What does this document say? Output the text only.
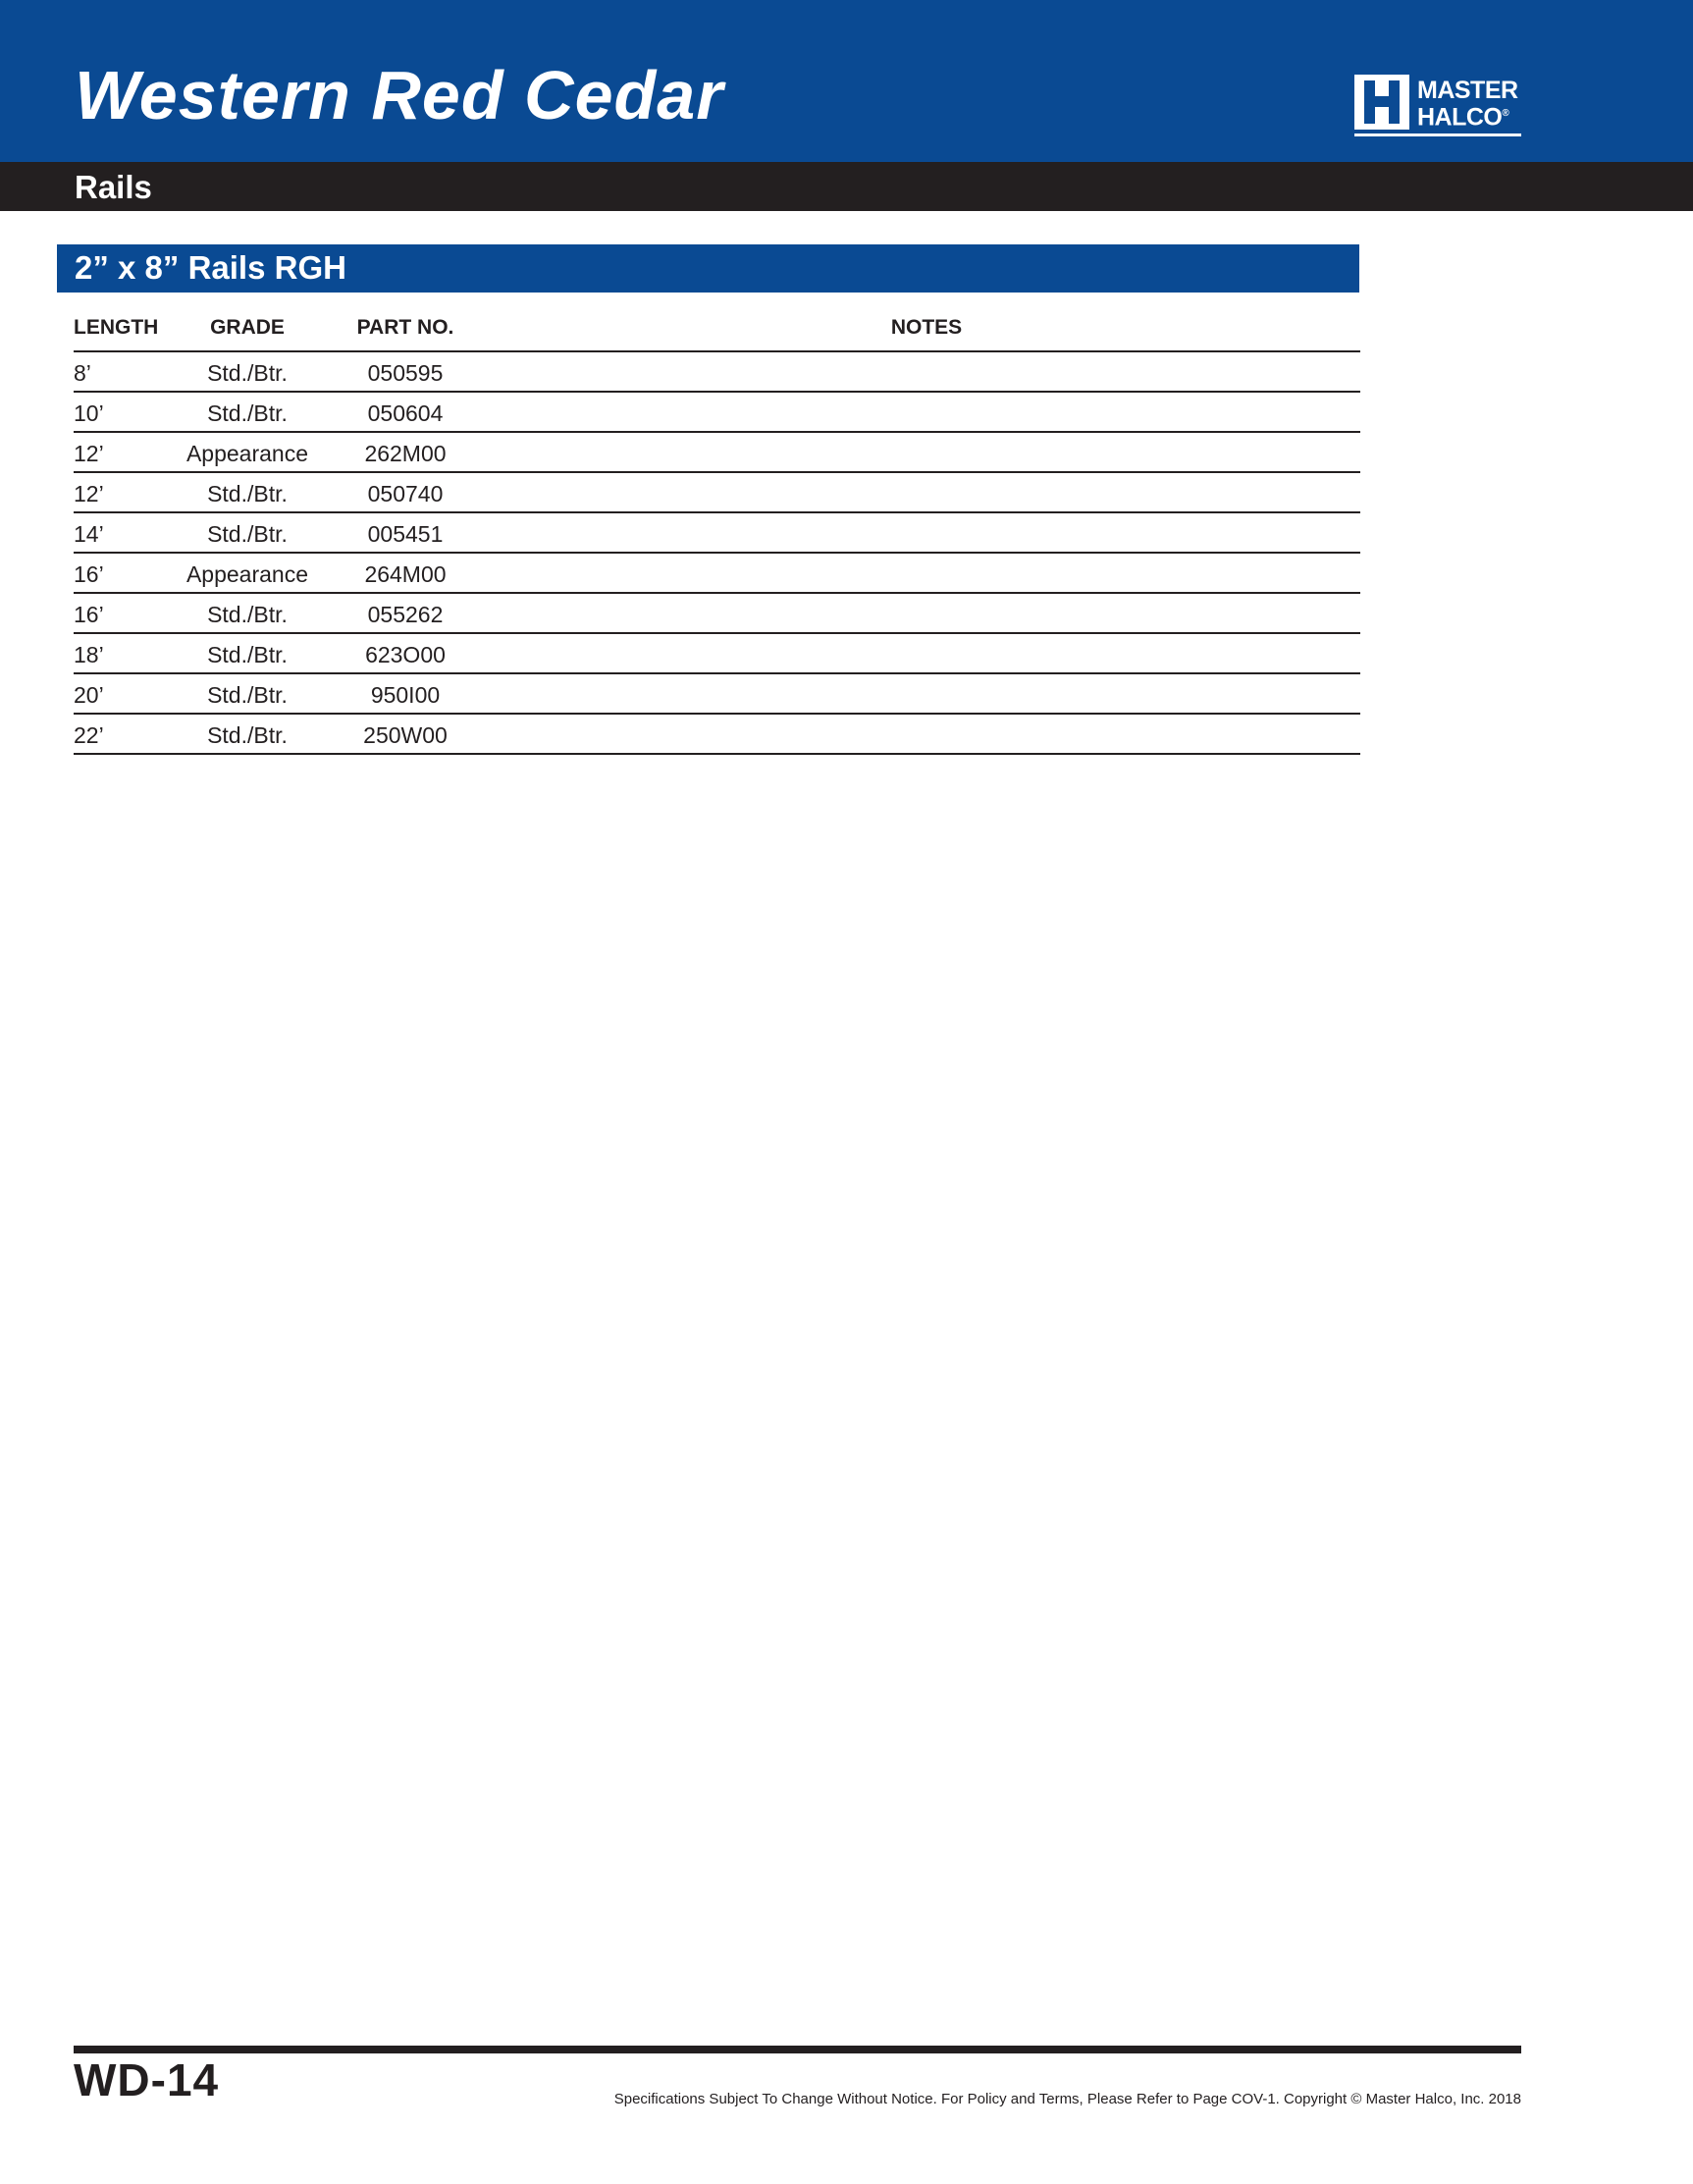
Western Red Cedar	MASTER
HALCO®
Rails
2” x 8” Rails RGH
LENGTH	GRADE	PART NO.	NOTES
8’	Std./Btr.	050595
10’	Std./Btr.	050604
12’	Appearance	262M00
12’	Std./Btr.	050740
14’	Std./Btr.	005451
16’	Appearance	264M00
16’	Std./Btr.	055262
18’	Std./Btr.	623O00
20’	Std./Btr.	950I00
22’	Std./Btr.	250W00
WD-14	Specifications Subject To Change Without Notice. For Policy and Terms, Please Refer to Page COV-1. Copyright © Master Halco, Inc. 2018
